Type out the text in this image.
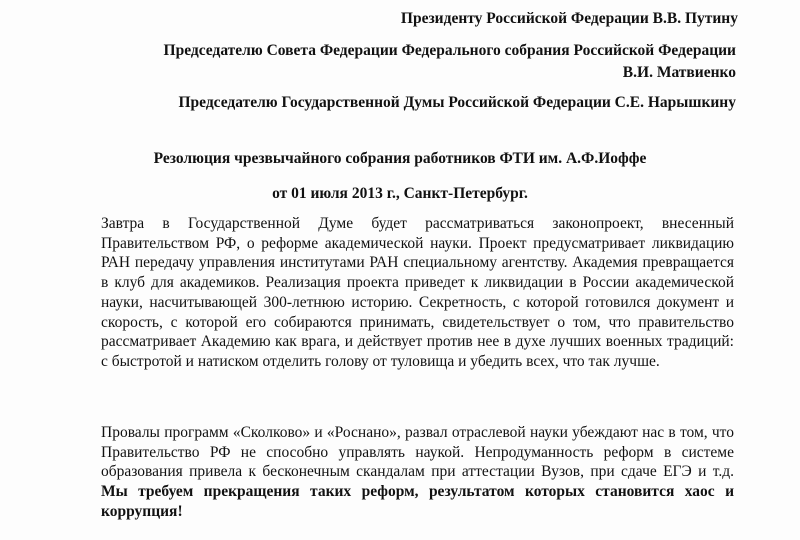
Президенту Российской Федерации В.В. Путину
Председателю Совета Федерации Федерального собрания Российской Федерации
В.И. Матвиенко
Председателю Государственной Думы Российской Федерации С.Е. Нарышкину
Резолюция чрезвычайного собрания работников ФТИ им. А.Ф.Иоффе
от 01 июля 2013 г., Санкт-Петербург.
Завтра в Государственной Думе будет рассматриваться законопроект, внесенный Правительством РФ, о реформе академической науки. Проект предусматривает ликвидацию РАН передачу управления институтами РАН специальному агентству. Академия превращается в клуб для академиков. Реализация проекта приведет к ликвидации в России академической науки, насчитывающей 300-летнюю историю. Секретность, с которой готовился документ и скорость, с которой его собираются принимать, свидетельствует о том, что правительство рассматривает Академию как врага, и действует против нее в духе лучших военных традиций: с быстротой и натиском отделить голову от туловища и убедить всех, что так лучше.
Провалы программ «Сколково» и «Роснано», развал отраслевой науки убеждают нас в том, что Правительство РФ не способно управлять наукой. Непродуманность реформ в системе образования привела к бесконечным скандалам при аттестации Вузов, при сдаче ЕГЭ и т.д. Мы требуем прекращения таких реформ, результатом которых становится хаос и коррупция!
